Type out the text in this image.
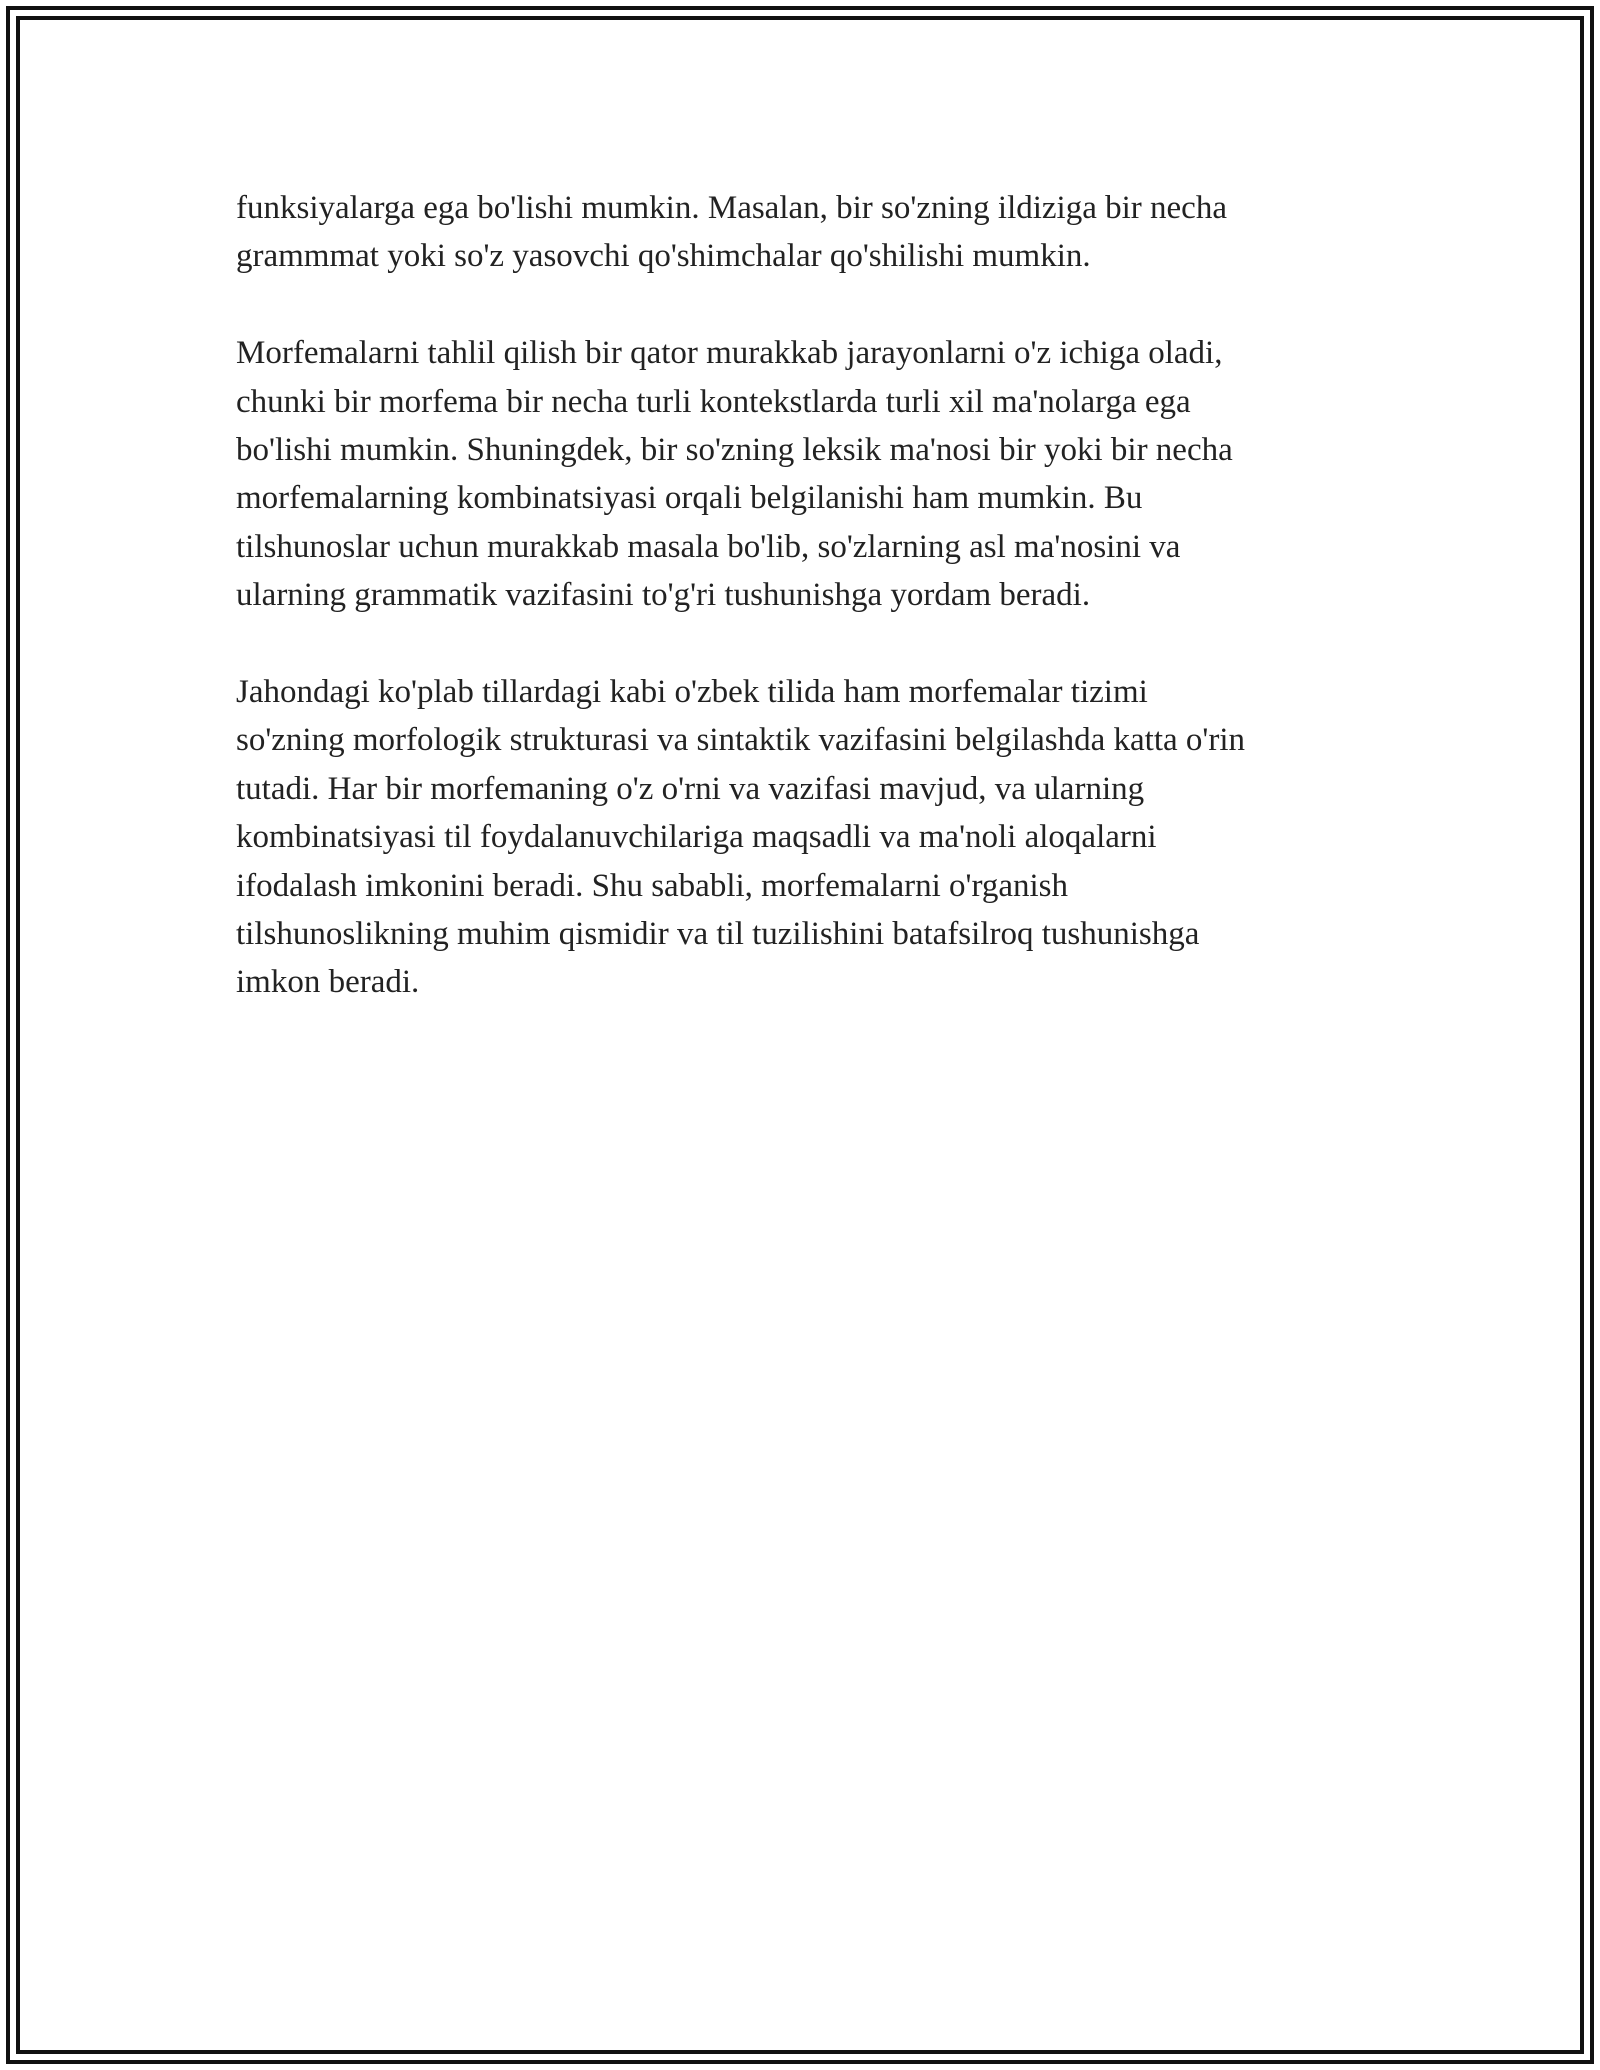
funksiyalarga ega bo'lishi mumkin. Masalan, bir so'zning ildiziga bir necha
grammmat yoki so'z yasovchi qo'shimchalar qo'shilishi mumkin.

Morfemalarni tahlil qilish bir qator murakkab jarayonlarni o'z ichiga oladi,
chunki bir morfema bir necha turli kontekstlarda turli xil ma'nolarga ega
bo'lishi mumkin. Shuningdek, bir so'zning leksik ma'nosi bir yoki bir necha
morfemalarning kombinatsiyasi orqali belgilanishi ham mumkin. Bu
tilshunoslar uchun murakkab masala bo'lib, so'zlarning asl ma'nosini va
ularning grammatik vazifasini to'g'ri tushunishga yordam beradi.

Jahondagi ko'plab tillardagi kabi o'zbek tilida ham morfemalar tizimi
so'zning morfologik strukturasi va sintaktik vazifasini belgilashda katta o'rin
tutadi. Har bir morfemaning o'z o'rni va vazifasi mavjud, va ularning
kombinatsiyasi til foydalanuvchilariga maqsadli va ma'noli aloqalarni
ifodalash imkonini beradi. Shu sababli, morfemalarni o'rganish
tilshunoslikning muhim qismidir va til tuzilishini batafsilroq tushunishga
imkon beradi.
